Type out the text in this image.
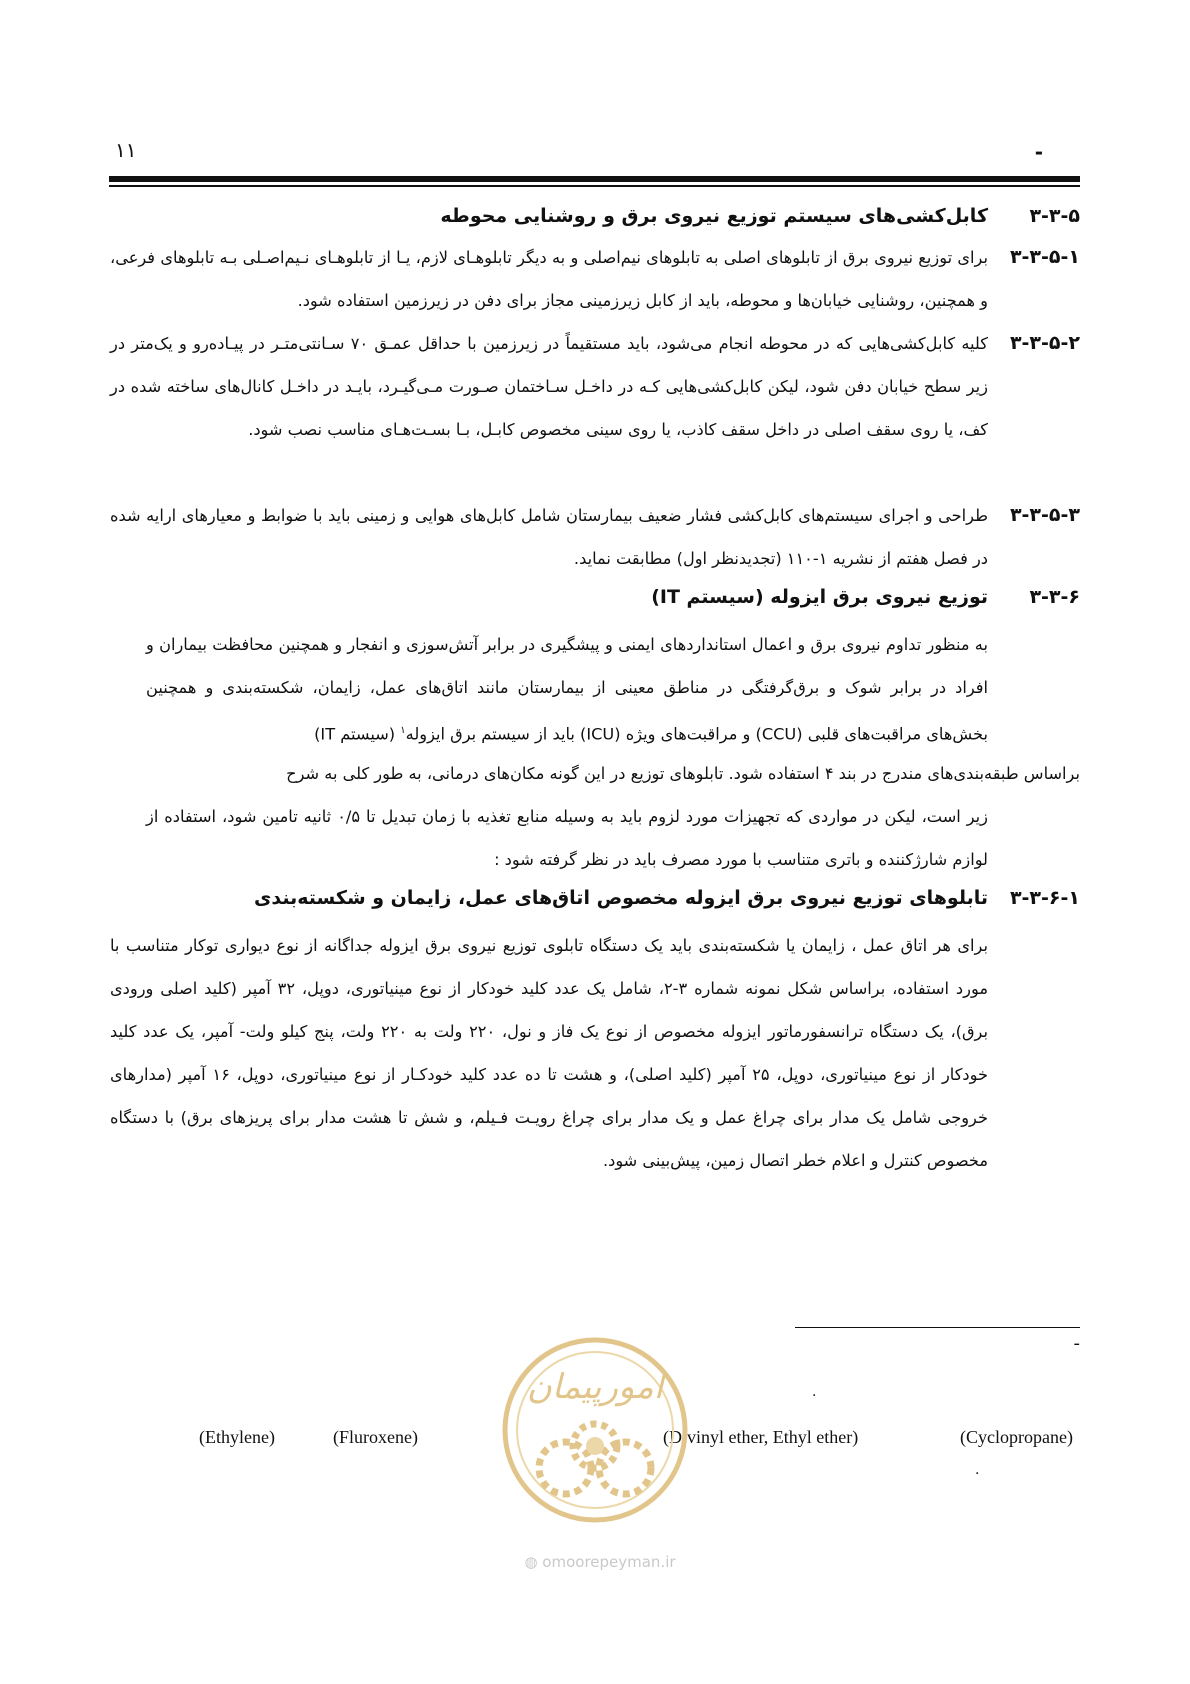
۱۱	-
۳-۳-۵
کابل‌کشی‌های سیستم توزیع نیروی برق و روشنایی محوطه
۳-۳-۵-۱
برای توزیع نیروی برق از تابلوهای اصلی به تابلوهای نیم‌اصلی و به دیگر تابلوهـای لازم، یـا از تابلوهـای نـیم‌اصـلی بـه تابلوهای فرعی، و همچنین، روشنایی خیابان‌ها و محوطه، باید از کابل زیرزمینی مجاز برای دفن در زیرزمین استفاده شود.
۳-۳-۵-۲
کلیه کابل‌کشی‌هایی که در محوطه انجام می‌شود، باید مستقیماً در زیرزمین با حداقل عمـق ۷۰ سـانتی‌متـر در پیـاده‌رو و یک‌متر در زیر سطح خیابان دفن شود، لیکن کابل‌کشی‌هایی کـه در داخـل سـاختمان صـورت مـی‌گیـرد، بایـد در داخـل کانال‌های ساخته شده در کف، یا روی سقف اصلی در داخل سقف کاذب، یا روی سینی مخصوص کابـل، بـا بسـت‌هـای مناسب نصب شود.
۳-۳-۵-۳
طراحی و اجرای سیستم‌های کابل‌کشی فشار ضعیف بیمارستان شامل کابل‌های هوایی و زمینی باید با ضوابط و معیارهای ارایه شده در فصل هفتم از نشریه ۱-۱۱۰ (تجدیدنظر اول) مطابقت نماید.
۳-۳-۶
توزیع نیروی برق ایزوله (سیستم IT)
به منظور تداوم نیروی برق و اعمال استانداردهای ایمنی و پیشگیری در برابر آتش‌سوزی و انفجار و همچنین محافظت بیماران و افراد در برابر شوک و برق‌گرفتگی در مناطق معینی از بیمارستان مانند اتاق‌های عمل، زایمان، شکسته‌بندی و همچنین بخش‌های مراقبت‌های قلبی (CCU) و مراقبت‌های ویژه (ICU) باید از سیستم برق ایزوله$^۱$ (سیستم IT)
براساس طبقه‌بندی‌های مندرج در بند ۴ استفاده شود. تابلوهای توزیع در این گونه مکان‌های درمانی، به طور کلی به شرح
زیر است، لیکن در مواردی که تجهیزات مورد لزوم باید به وسیله منابع تغذیه با زمان تبدیل تا ۰/۵ ثانیه تامین شود، استفاده از لوازم شارژکننده و باتری متناسب با مورد مصرف باید در نظر گرفته شود :
۳-۳-۶-۱
تابلوهای توزیع نیروی برق ایزوله مخصوص اتاق‌های عمل، زایمان و شکسته‌بندی
برای هر اتاق عمل ، زایمان یا شکسته‌بندی باید یک دستگاه تابلوی توزیع نیروی برق ایزوله جداگانه از نوع دیواری توکار متناسب با مورد استفاده، براساس شکل نمونه شماره ۳-۲، شامل یک عدد کلید خودکار از نوع مینیاتوری، دوپل، ۳۲ آمپر (کلید اصلی ورودی برق)، یک دستگاه ترانسفورماتور ایزوله مخصوص از نوع یک فاز و نول، ۲۲۰ ولت به ۲۲۰ ولت، پنج کیلو ولت- آمپر، یک عدد کلید خودکار از نوع مینیاتوری، دوپل، ۲۵ آمپر (کلید اصلی)، و هشت تا ده عدد کلید خودکـار از نوع مینیاتوری، دوپل، ۱۶ آمپر (مدارهای خروجی شامل یک مدار برای چراغ عمل و یک مدار برای چراغ رویـت فـیلم، و شش تا هشت مدار برای پریزهای برق) با دستگاه مخصوص کنترل و اعلام خطر اتصال زمین، پیش‌بینی شود.
-
.
.
(Ethylene)	(Fluroxene)	(Divinyl ether, Ethyl ether)	(Cyclopropane)
امورپیمان
◍ omoorepeyman.ir
